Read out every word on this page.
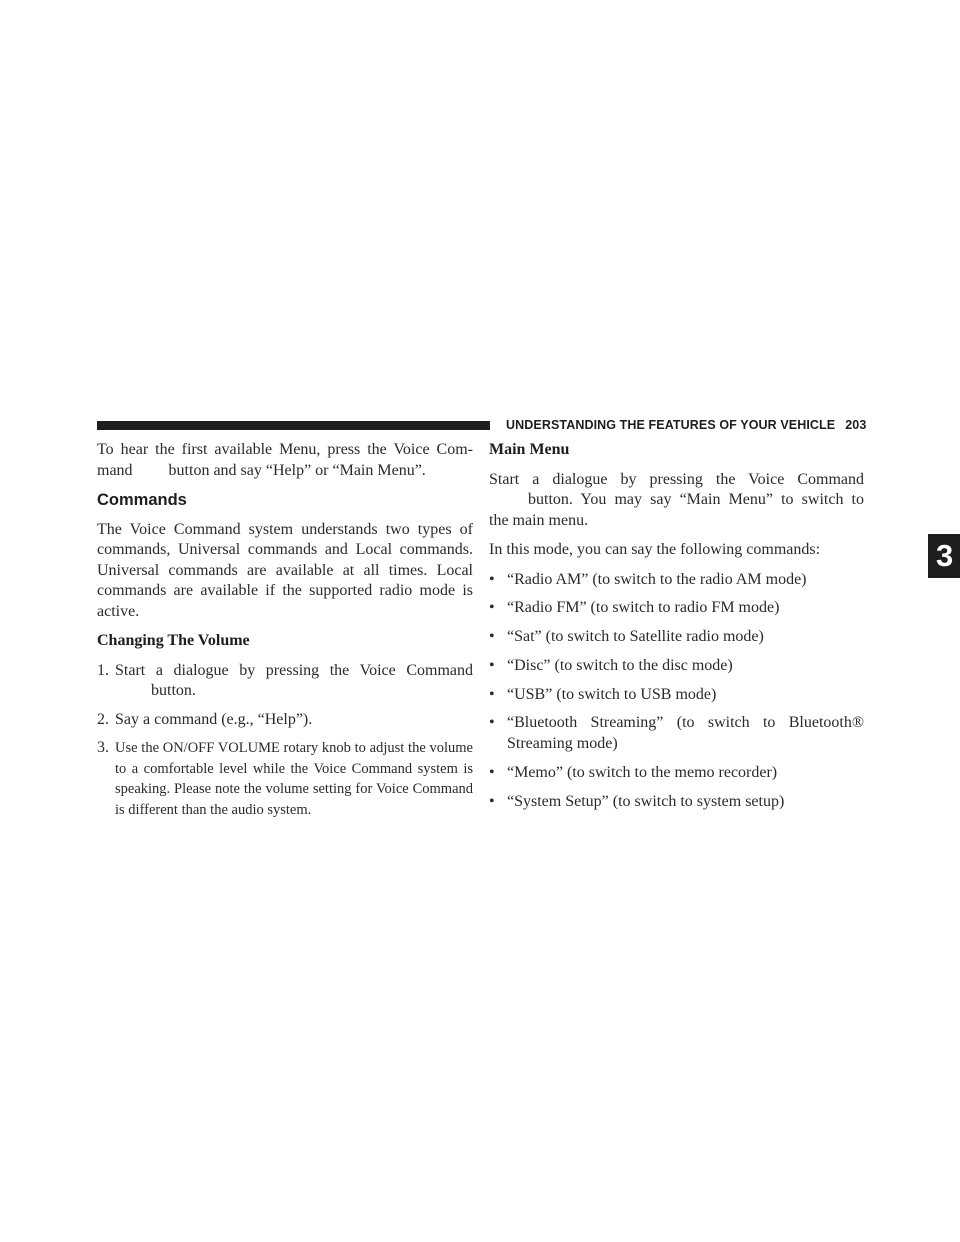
UNDERSTANDING THE FEATURES OF YOUR VEHICLE 203
3

To hear the first available Menu, press the Voice Com-
mand button and say “Help” or “Main Menu”.

Commands

The Voice Command system understands two types of commands, Universal commands and Local commands. Universal commands are available at all times. Local commands are available if the supported radio mode is active.

Changing The Volume
1. Start a dialogue by pressing the Voice Command
button.
2. Say a command (e.g., “Help”).
3. Use the ON/OFF VOLUME rotary knob to adjust the volume to a comfortable level while the Voice Command system is speaking. Please note the volume setting for Voice Command is different than the audio system.
Main Menu

Start a dialogue by pressing the Voice Command
button. You may say “Main Menu” to switch to
the main menu.

In this mode, you can say the following commands:

• “Radio AM” (to switch to the radio AM mode)
• “Radio FM” (to switch to radio FM mode)
• “Sat” (to switch to Satellite radio mode)
• “Disc” (to switch to the disc mode)
• “USB” (to switch to USB mode)
• “Bluetooth Streaming” (to switch to Bluetooth® Streaming mode)
• “Memo” (to switch to the memo recorder)
• “System Setup” (to switch to system setup)
